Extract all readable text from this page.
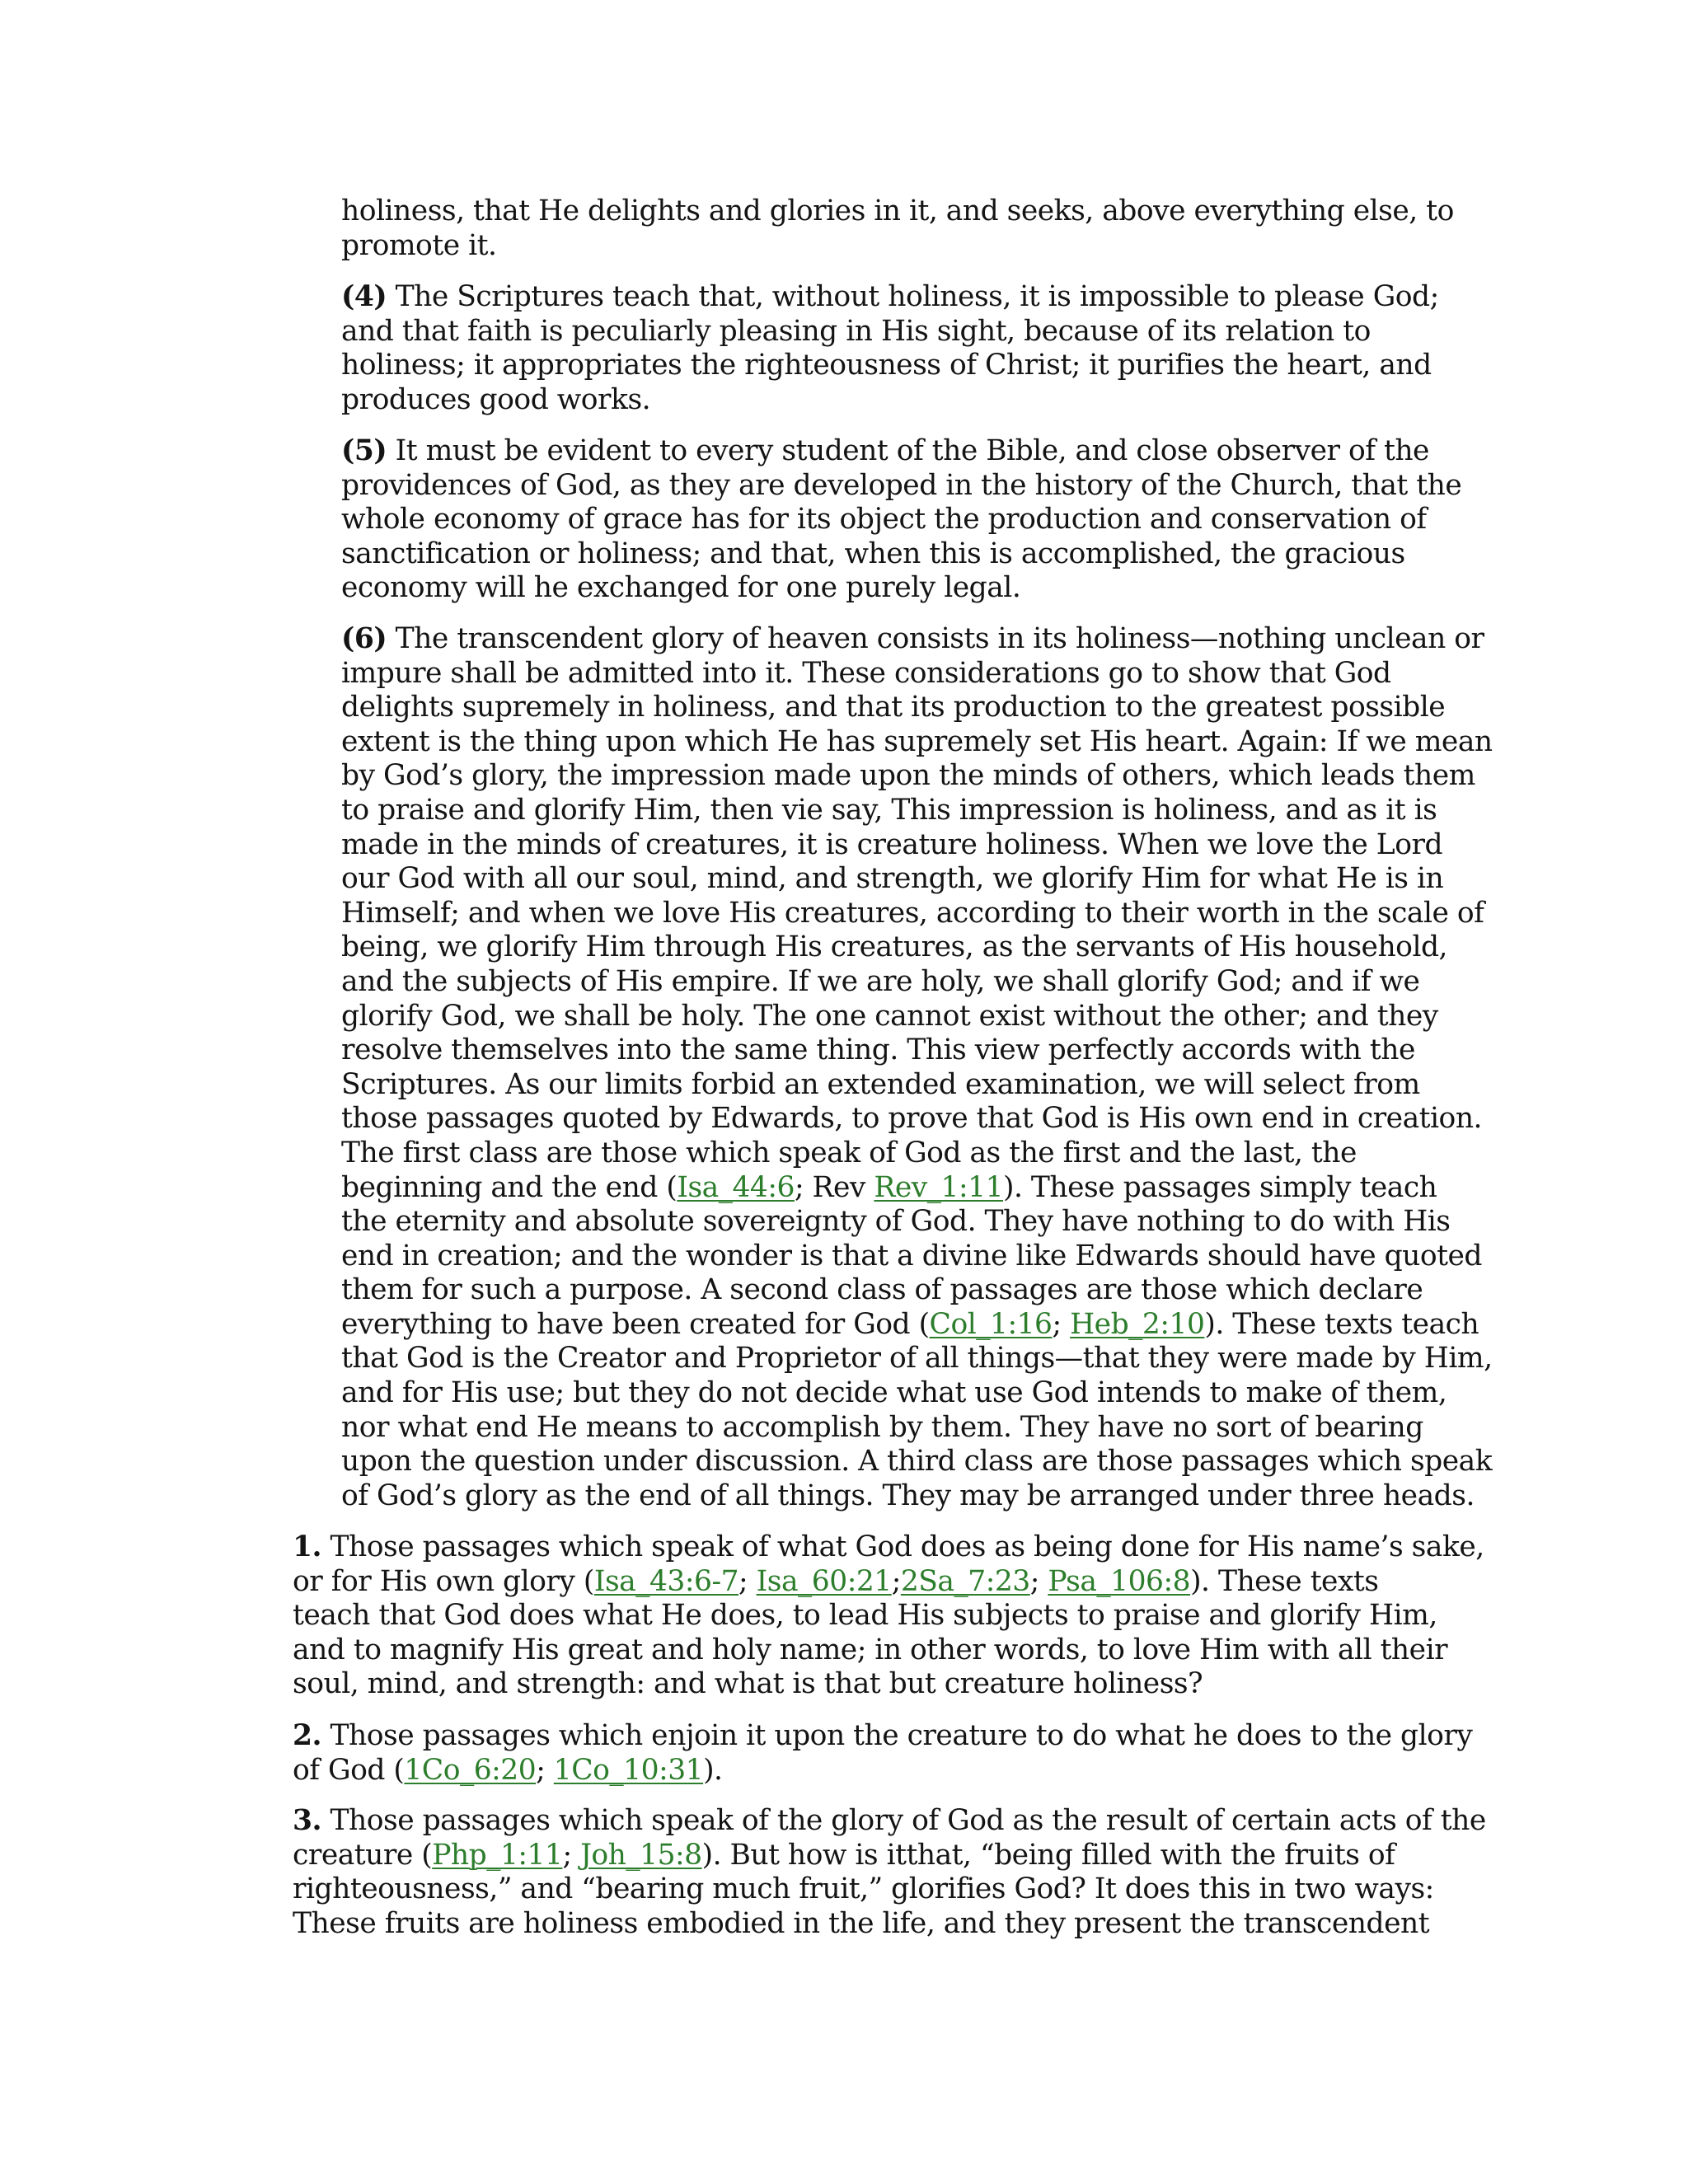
holiness, that He delights and glories in it, and seeks, above everything else, to
promote it.

(4) The Scriptures teach that, without holiness, it is impossible to please God;
and that faith is peculiarly pleasing in His sight, because of its relation to
holiness; it appropriates the righteousness of Christ; it purifies the heart, and
produces good works.

(5) It must be evident to every student of the Bible, and close observer of the
providences of God, as they are developed in the history of the Church, that the
whole economy of grace has for its object the production and conservation of
sanctification or holiness; and that, when this is accomplished, the gracious
economy will he exchanged for one purely legal.

(6) The transcendent glory of heaven consists in its holiness—nothing unclean or
impure shall be admitted into it. These considerations go to show that God
delights supremely in holiness, and that its production to the greatest possible
extent is the thing upon which He has supremely set His heart. Again: If we mean
by God’s glory, the impression made upon the minds of others, which leads them
to praise and glorify Him, then vie say, This impression is holiness, and as it is
made in the minds of creatures, it is creature holiness. When we love the Lord
our God with all our soul, mind, and strength, we glorify Him for what He is in
Himself; and when we love His creatures, according to their worth in the scale of
being, we glorify Him through His creatures, as the servants of His household,
and the subjects of His empire. If we are holy, we shall glorify God; and if we
glorify God, we shall be holy. The one cannot exist without the other; and they
resolve themselves into the same thing. This view perfectly accords with the
Scriptures. As our limits forbid an extended examination, we will select from
those passages quoted by Edwards, to prove that God is His own end in creation.
The first class are those which speak of God as the first and the last, the
beginning and the end (Isa_44:6; Rev Rev_1:11). These passages simply teach
the eternity and absolute sovereignty of God. They have nothing to do with His
end in creation; and the wonder is that a divine like Edwards should have quoted
them for such a purpose. A second class of passages are those which declare
everything to have been created for God (Col_1:16; Heb_2:10). These texts teach
that God is the Creator and Proprietor of all things—that they were made by Him,
and for His use; but they do not decide what use God intends to make of them,
nor what end He means to accomplish by them. They have no sort of bearing
upon the question under discussion. A third class are those passages which speak
of God’s glory as the end of all things. They may be arranged under three heads.

1. Those passages which speak of what God does as being done for His name’s sake,
or for His own glory (Isa_43:6-7; Isa_60:21;2Sa_7:23; Psa_106:8). These texts
teach that God does what He does, to lead His subjects to praise and glorify Him,
and to magnify His great and holy name; in other words, to love Him with all their
soul, mind, and strength: and what is that but creature holiness?

2. Those passages which enjoin it upon the creature to do what he does to the glory
of God (1Co_6:20; 1Co_10:31).

3. Those passages which speak of the glory of God as the result of certain acts of the
creature (Php_1:11; Joh_15:8). But how is itthat, “being filled with the fruits of
righteousness,” and “bearing much fruit,” glorifies God? It does this in two ways:
These fruits are holiness embodied in the life, and they present the transcendent
